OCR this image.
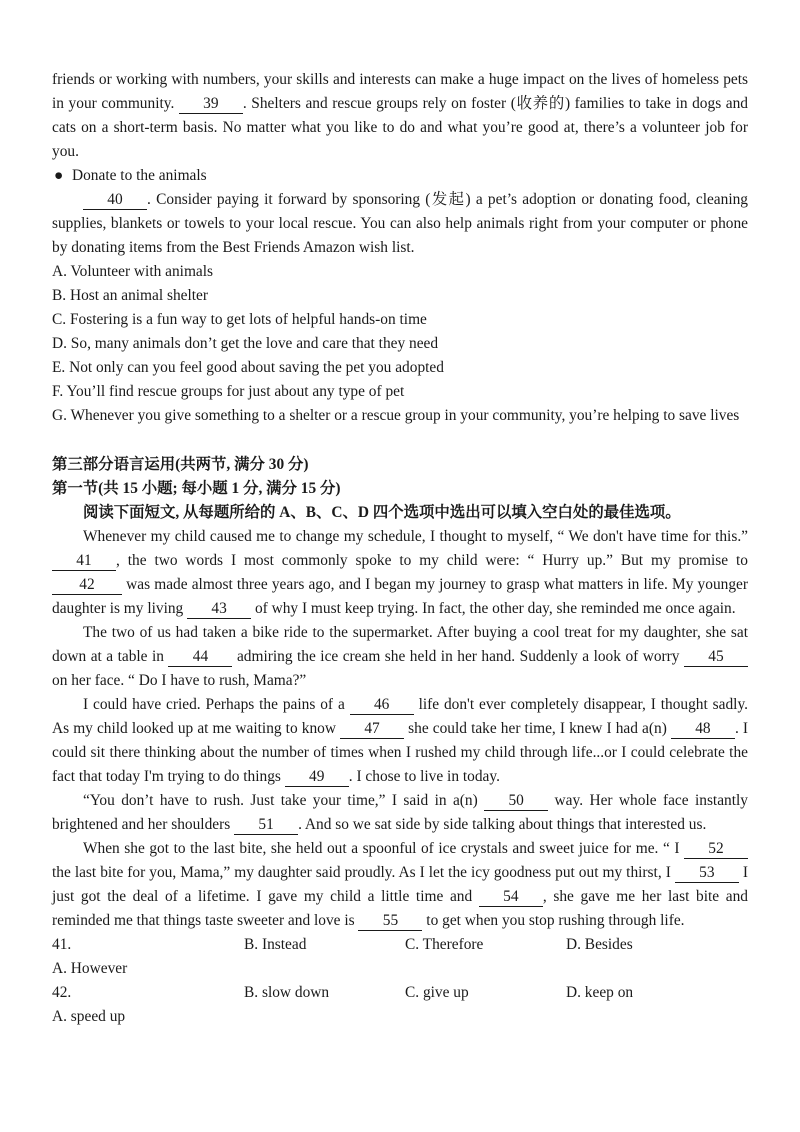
friends or working with numbers, your skills and interests can make a huge impact on the lives of homeless pets in your community. 39 . Shelters and rescue groups rely on foster (收养的) families to take in dogs and cats on a short-term basis. No matter what you like to do and what you’re good at, there’s a volunteer job for you.

● Donate to the animals

40 . Consider paying it forward by sponsoring (发起) a pet’s adoption or donating food, cleaning supplies, blankets or towels to your local rescue. You can also help animals right from your computer or phone by donating items from the Best Friends Amazon wish list.

A. Volunteer with animals

B. Host an animal shelter

C. Fostering is a fun way to get lots of helpful hands-on time

D. So, many animals don’t get the love and care that they need

E. Not only can you feel good about saving the pet you adopted

F. You’ll find rescue groups for just about any type of pet

G. Whenever you give something to a shelter or a rescue group in your community, you’re helping to save lives

第三部分语言运用(共两节, 满分 30 分)

第一节(共 15 小题; 每小题 1 分, 满分 15 分)

阅读下面短文, 从每题所给的 A、B、C、D 四个选项中选出可以填入空白处的最佳选项。

Whenever my child caused me to change my schedule, I thought to myself, “ We don't have time for this.” 41 , the two words I most commonly spoke to my child were: “ Hurry up.” But my promise to 42 was made almost three years ago, and I began my journey to grasp what matters in life. My younger daughter is my living 43 of why I must keep trying. In fact, the other day, she reminded me once again.

The two of us had taken a bike ride to the supermarket. After buying a cool treat for my daughter, she sat down at a table in 44 admiring the ice cream she held in her hand. Suddenly a look of worry 45 on her face. “ Do I have to rush, Mama?”

I could have cried. Perhaps the pains of a 46 life don't ever completely disappear, I thought sadly. As my child looked up at me waiting to know 47 she could take her time, I knew I had a(n) 48 . I could sit there thinking about the number of times when I rushed my child through life...or I could celebrate the fact that today I'm trying to do things 49 . I chose to live in today.

“You don’t have to rush. Just take your time,” I said in a(n) 50 way. Her whole face instantly brightened and her shoulders 51 . And so we sat side by side talking about things that interested us.

When she got to the last bite, she held out a spoonful of ice crystals and sweet juice for me. “ I 52 the last bite for you, Mama,” my daughter said proudly. As I let the icy goodness put out my thirst, I 53 I just got the deal of a lifetime. I gave my child a little time and 54 , she gave me her last bite and reminded me that things taste sweeter and love is 55 to get when you stop rushing through life.

41.
A. However
B. Instead	C. Therefore	D. Besides
42.
A. speed up
B. slow down	C. give up	D. keep on
